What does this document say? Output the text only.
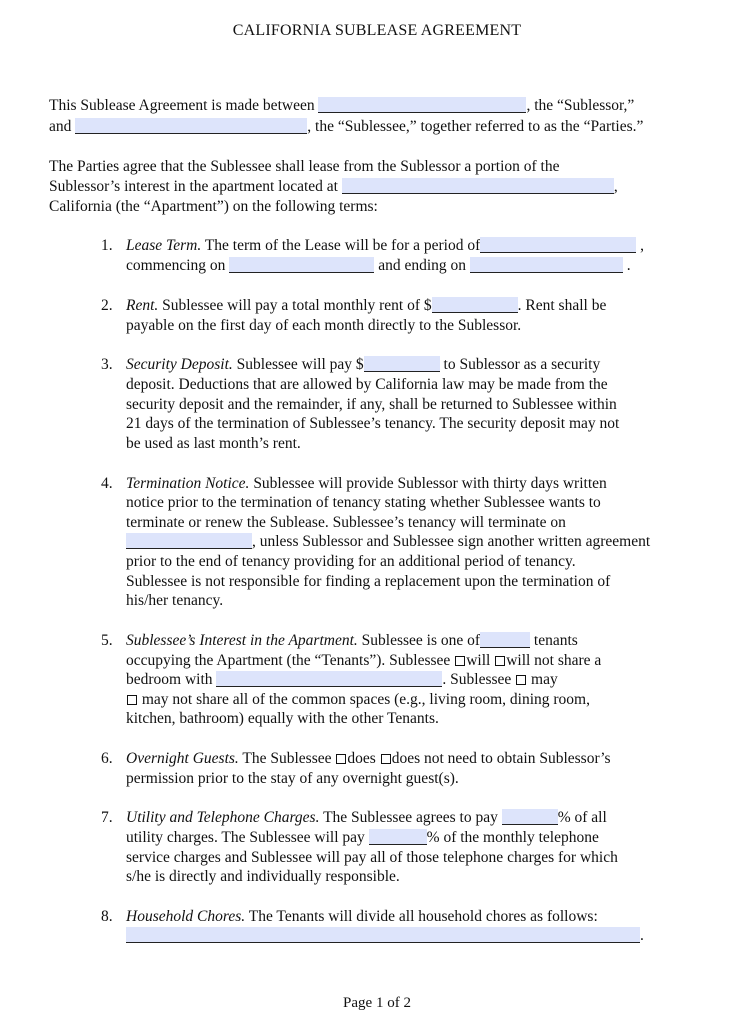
CALIFORNIA SUBLEASE AGREEMENT
This Sublease Agreement is made between	, the “Sublessor,”
and	, the “Sublessee,” together referred to as the “Parties.”
The Parties agree that the Sublessee shall lease from the Sublessor a portion of the
Sublessor’s interest in the apartment located at	,
California (the “Apartment”) on the following terms:
1. Lease Term. The term of the Lease will be for a period of	,
commencing on	and ending on	.
2. Rent. Sublessee will pay a total monthly rent of $	. Rent shall be
payable on the first day of each month directly to the Sublessor.
3. Security Deposit. Sublessee will pay $	to Sublessor as a security
deposit. Deductions that are allowed by California law may be made from the
security deposit and the remainder, if any, shall be returned to Sublessee within
21 days of the termination of Sublessee’s tenancy. The security deposit may not
be used as last month’s rent.
4. Termination Notice. Sublessee will provide Sublessor with thirty days written
notice prior to the termination of tenancy stating whether Sublessee wants to
terminate or renew the Sublease. Sublessee’s tenancy will terminate on
, unless Sublessor and Sublessee sign another written agreement
prior to the end of tenancy providing for an additional period of tenancy.
Sublessee is not responsible for finding a replacement upon the termination of
his/her tenancy.
5. Sublessee’s Interest in the Apartment. Sublessee is one of	tenants
occupying the Apartment (the “Tenants”). Sublessee will will not share a
bedroom with	. Sublessee may
may not share all of the common spaces (e.g., living room, dining room,
kitchen, bathroom) equally with the other Tenants.
6. Overnight Guests. The Sublessee does does not need to obtain Sublessor’s
permission prior to the stay of any overnight guest(s).
7. Utility and Telephone Charges. The Sublessee agrees to pay	% of all
utility charges. The Sublessee will pay	% of the monthly telephone
service charges and Sublessee will pay all of those telephone charges for which
s/he is directly and individually responsible.
8. Household Chores. The Tenants will divide all household chores as follows:
.
Page 1 of 2
